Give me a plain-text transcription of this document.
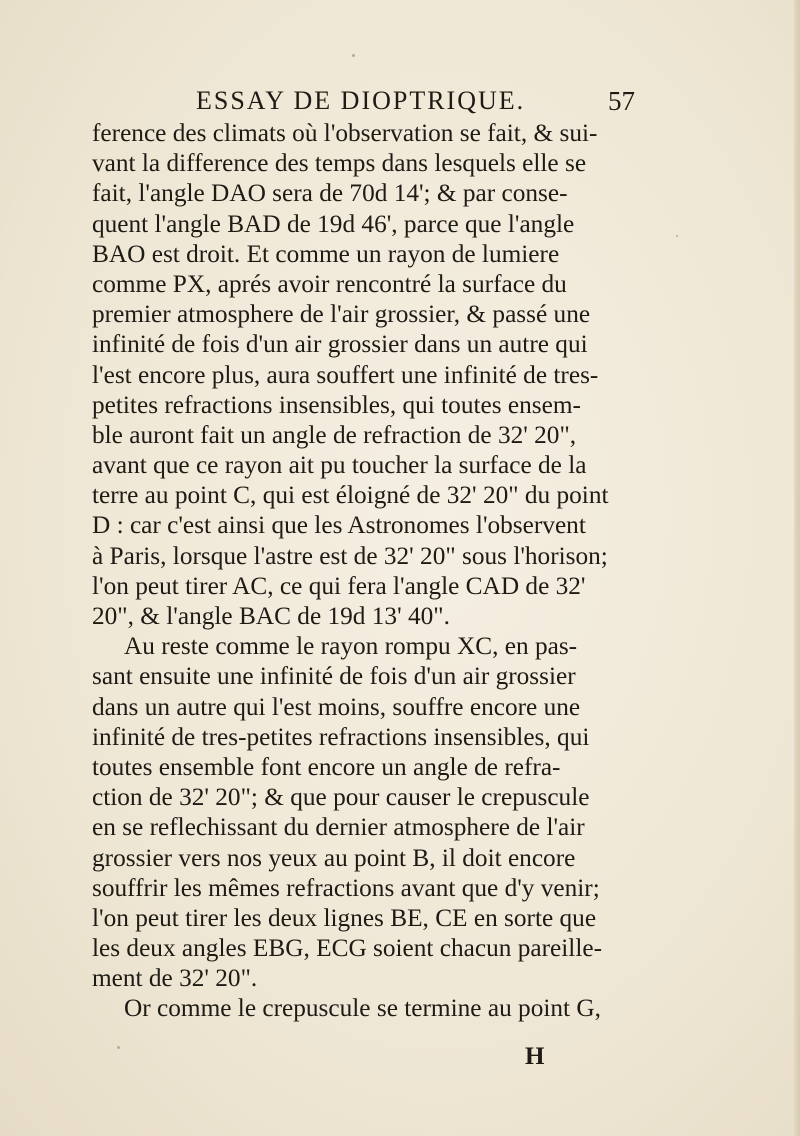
ESSAY DE DIOPTRIQUE.	57
ference des climats où l'observation se fait, & sui-
vant la difference des temps dans lesquels elle se
fait, l'angle DAO sera de 70d 14'; & par conse-
quent l'angle BAD de 19d 46', parce que l'angle
BAO est droit. Et comme un rayon de lumiere
comme PX, aprés avoir rencontré la surface du
premier atmosphere de l'air grossier, & passé une
infinité de fois d'un air grossier dans un autre qui
l'est encore plus, aura souffert une infinité de tres-
petites refractions insensibles, qui toutes ensem-
ble auront fait un angle de refraction de 32' 20",
avant que ce rayon ait pu toucher la surface de la
terre au point C, qui est éloigné de 32' 20" du point
D : car c'est ainsi que les Astronomes l'observent
à Paris, lorsque l'astre est de 32' 20" sous l'horison;
l'on peut tirer AC, ce qui fera l'angle CAD de 32'
20", & l'angle BAC de 19d 13' 40".
Au reste comme le rayon rompu XC, en pas-
sant ensuite une infinité de fois d'un air grossier
dans un autre qui l'est moins, souffre encore une
infinité de tres-petites refractions insensibles, qui
toutes ensemble font encore un angle de refra-
ction de 32' 20"; & que pour causer le crepuscule
en se reflechissant du dernier atmosphere de l'air
grossier vers nos yeux au point B, il doit encore
souffrir les mêmes refractions avant que d'y venir;
l'on peut tirer les deux lignes BE, CE en sorte que
les deux angles EBG, ECG soient chacun pareille-
ment de 32' 20".
Or comme le crepuscule se termine au point G,
H
